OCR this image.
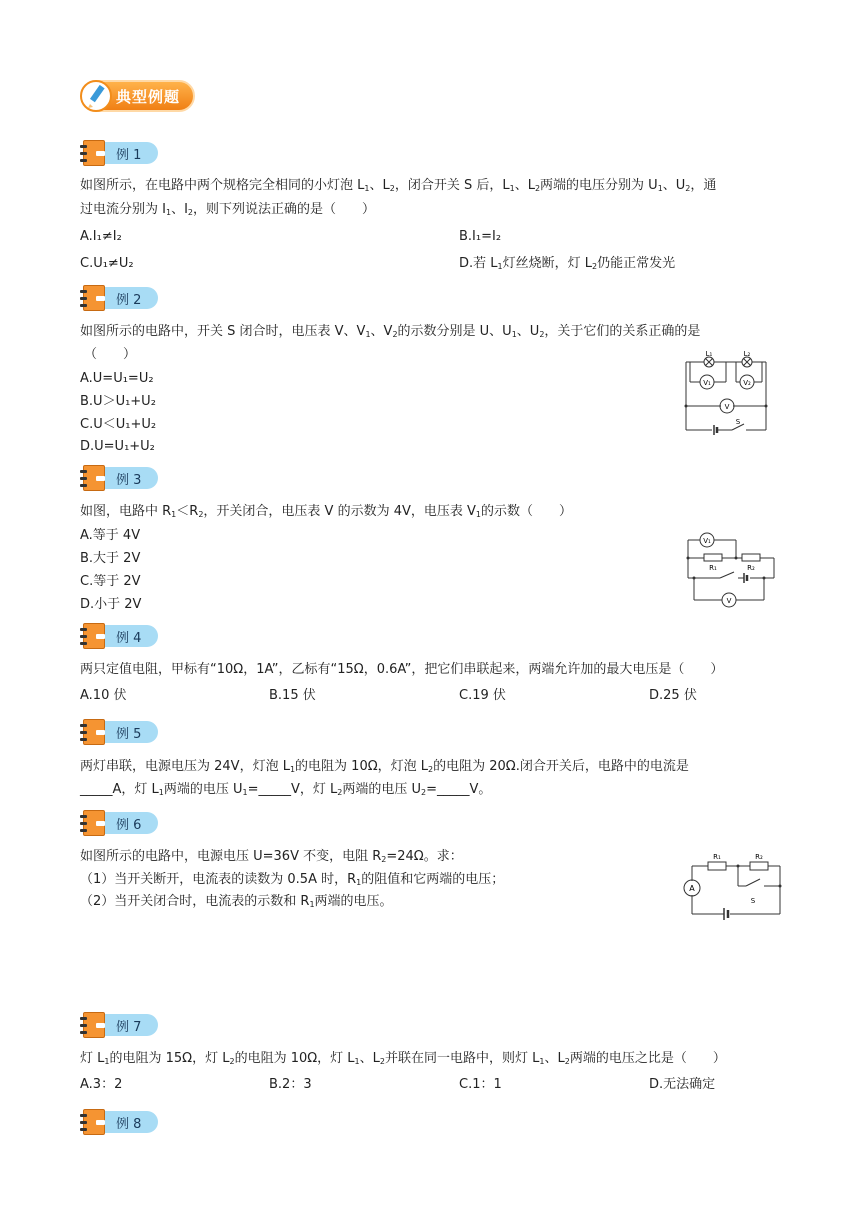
典型例题
例 1
如图所示，在电路中两个规格完全相同的小灯泡 $L_1$、$L_2$，闭合开关 S 后，$L_1$、$L_2$两端的电压分别为 $U_1$、$U_2$，通
过电流分别为 $I_1$、$I_2$，则下列说法正确的是（　　）
A.I₁≠I₂	B.I₁=I₂
C.U₁≠U₂	D.若 $L_1$灯丝烧断，灯 $L_2$仍能正常发光
例 2
如图所示的电路中，开关 S 闭合时，电压表 V、$V_1$、$V_2$的示数分别是 U、$U_1$、$U_2$，关于它们的关系正确的是
（　　）
A.U=U₁=U₂
B.U＞U₁+U₂
C.U＜U₁+U₂
D.U=U₁+U₂
L₁	L₂
V₁	V₂
V
S
例 3
如图，电路中 $R_1<R_2$，开关闭合，电压表 V 的示数为 4V，电压表 $V_1$的示数（　　）
A.等于 4V
B.大于 2V
C.等于 2V
D.小于 2V
V₁
R₁	R₂
V
例 4
两只定值电阻，甲标有“10Ω，1A”，乙标有“15Ω，0.6A”，把它们串联起来，两端允许加的最大电压是（　　）
A.10 伏	B.15 伏	C.19 伏	D.25 伏
例 5
两灯串联，电源电压为 24V，灯泡 $L_1$的电阻为 10Ω，灯泡 $L_2$的电阻为 20Ω.闭合开关后，电路中的电流是
_____A，灯 $L_1$两端的电压 $U_1=\_\_\_\_\_V$，灯 $L_2$两端的电压 $U_2=\_\_\_\_\_V$。
例 6
如图所示的电路中，电源电压 U=36V 不变，电阻 $R_2=24\Omega$。求：
（1）当开关断开，电流表的读数为 0.5A 时，$R_1$的阻值和它两端的电压；
（2）当开关闭合时，电流表的示数和 $R_1$两端的电压。
R₁	R₂
A
S
例 7
灯 $L_1$的电阻为 15Ω，灯 $L_2$的电阻为 10Ω，灯 $L_1$、$L_2$并联在同一电路中，则灯 $L_1$、$L_2$两端的电压之比是（　　）
A.3：2	B.2：3	C.1：1	D.无法确定
例 8
